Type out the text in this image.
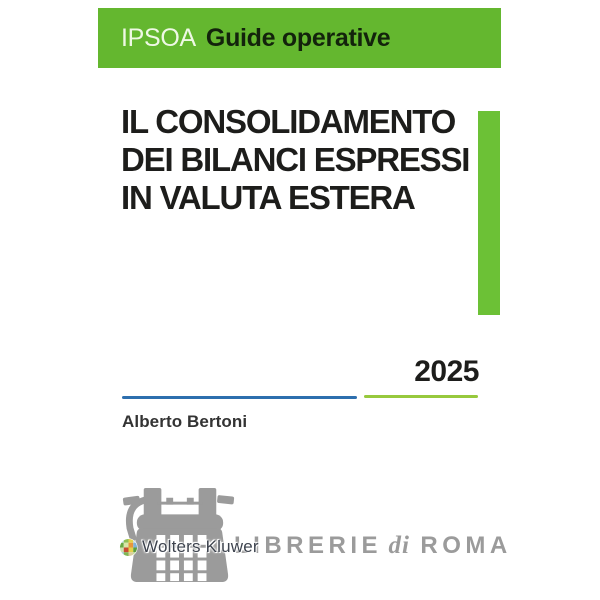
IPSOA Guide operative
IL CONSOLIDAMENTO
DEI BILANCI ESPRESSI
IN VALUTA ESTERA
2025
Alberto Bertoni
LIBRERIE di ROMA
Wolters Kluwer
